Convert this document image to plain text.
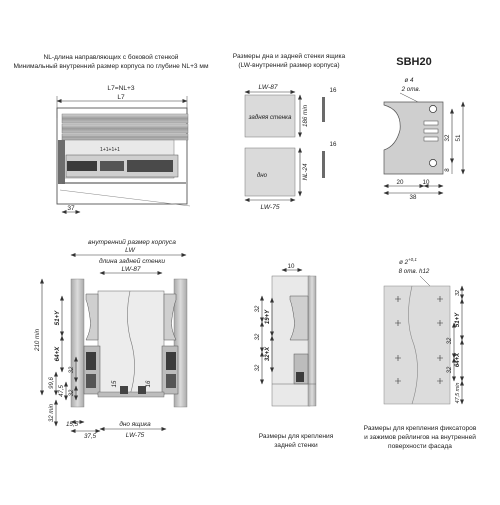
NL-длина направляющих с боковой стенкой
Минимальный внутренний размер корпуса по глубине NL+3 мм
L7=NL+3
L7
1+1+1+1
37
Размеры дна и задней стенки ящика
(LW-внутренний размер корпуса)
LW-87
задняя стенка 186 min
16
дно	NL-24
LW-75
16
SBH20
ø 4
2 отв.
32 51
8
20	10
38
внутренний размер корпуса
LW
длина задней стенки
LW-87
210 min
51+Y
64+X
32
99,6
47,5 32
32 min
15	16
15,5
37,5
дно ящика
LW-75
10
32
19+Y
32
32+X
32
Размеры для крепления
задней стенки
ø $2^{+0,1}$
8 отв. h12
32
51+Y
32
64+X
32
47,5 min
Размеры для крепления фиксаторов
и зажимов рейлингов на внутренней
поверхности фасада
